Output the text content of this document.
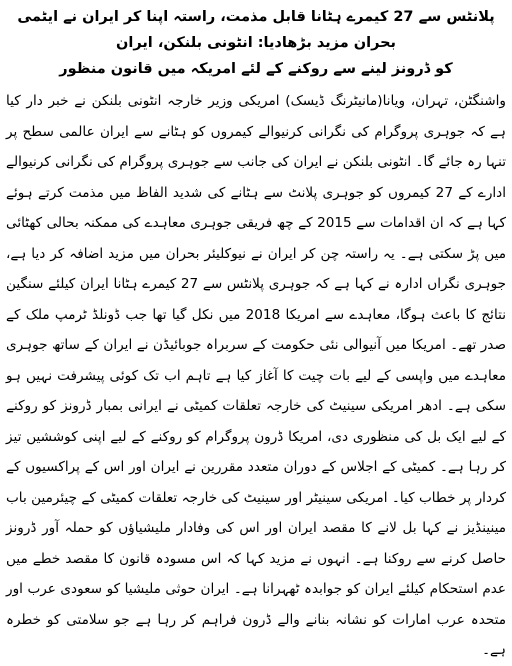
پلانٹس سے 27 کیمرے ہٹانا قابل مذمت، راستہ اپنا کر ایران نے ایٹمی بحران مزید بڑھادیا: انٹونی بلنکن، ایران
کو ڈرونز لینے سے روکنے کے لئے امریکہ میں قانون منظور

واشنگٹن، تہران، ویانا(مانیٹرنگ ڈیسک) امریکی وزیر خارجہ انٹونی بلنکن نے خبر دار کیا ہے کہ جوہری پروگرام کی نگرانی کرنیوالے کیمروں کو ہٹانے سے ایران عالمی سطح پر تنہا رہ جائے گا۔ انٹونی بلنکن نے ایران کی جانب سے جوہری پروگرام کی نگرانی کرنیوالے ادارے کے 27 کیمروں کو جوہری پلانٹ سے ہٹانے کی شدید الفاظ میں مذمت کرتے ہوئے کہا ہے کہ ان اقدامات سے 2015 کے چھ فریقی جوہری معاہدے کی ممکنہ بحالی کھٹائی میں پڑ سکتی ہے۔ یہ راستہ چن کر ایران نے نیوکلیئر بحران میں مزید اضافہ کر دیا ہے، جوہری نگراں ادارہ نے کہا ہے کہ جوہری پلانٹس سے 27 کیمرے ہٹانا ایران کیلئے سنگین نتائج کا باعث ہوگا، معاہدے سے امریکا 2018 میں نکل گیا تھا جب ڈونلڈ ٹرمپ ملک کے صدر تھے۔ امریکا میں آنیوالی نئی حکومت کے سربراہ جوبائیڈن نے ایران کے ساتھ جوہری معاہدے میں واپسی کے لیے بات چیت کا آغاز کیا ہے تاہم اب تک کوئی پیشرفت نہیں ہو سکی ہے۔ ادھر امریکی سینیٹ کی خارجہ تعلقات کمیٹی نے ایرانی بمبار ڈرونز کو روکنے کے لیے ایک بل کی منظوری دی، امریکا ڈرون پروگرام کو روکنے کے لیے اپنی کوششیں تیز کر رہا ہے۔ کمیٹی کے اجلاس کے دوران متعدد مقررین نے ایران اور اس کے پراکسیوں کے کردار پر خطاب کیا۔ امریکی سینیٹر اور سینیٹ کی خارجہ تعلقات کمیٹی کے چیئرمین باب مینینڈیز نے کہا بل لانے کا مقصد ایران اور اس کی وفادار ملیشیاؤں کو حملہ آور ڈرونز حاصل کرنے سے روکنا ہے۔ انہوں نے مزید کہا کہ اس مسودہ قانون کا مقصد خطے میں عدم استحکام کیلئے ایران کو جوابدہ ٹھہرانا ہے۔ ایران حوثی ملیشیا کو سعودی عرب اور متحدہ عرب امارات کو نشانہ بنانے والے ڈرون فراہم کر رہا ہے جو سلامتی کو خطرہ ہے۔
